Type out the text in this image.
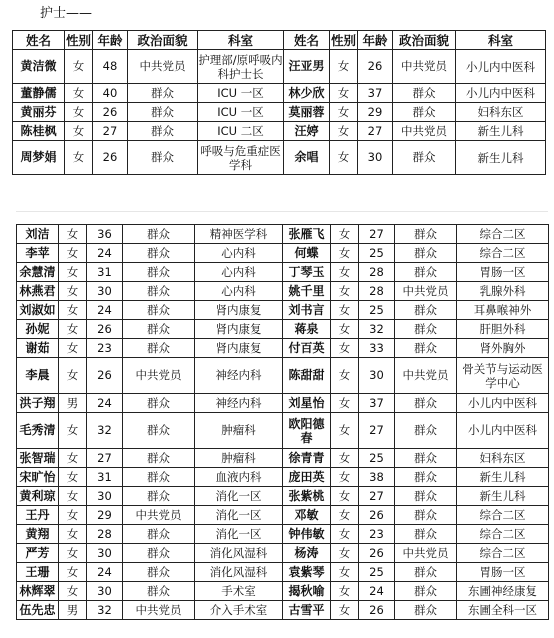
护士——
姓名	性别	年龄	政治面貌	科室	姓名	性别	年龄	政治面貌	科室
黄洁微	女	48	中共党员	护理部/原呼吸内科护士长	汪亚男	女	26	中共党员	小儿内中医科
董静儒	女	40	群众	ICU 一区	林少欣	女	37	群众	小儿内中医科
黄丽芬	女	26	群众	ICU 一区	莫丽蓉	女	29	群众	妇科东区
陈桂枫	女	27	群众	ICU 二区	汪婷	女	27	中共党员	新生儿科
周梦娟	女	26	群众	呼吸与危重症医学科	余唱	女	30	群众	新生儿科
刘洁	女	36	群众	精神医学科	张雁飞	女	27	群众	综合二区
李苹	女	24	群众	心内科	何蝶	女	25	群众	综合二区
余慧清	女	31	群众	心内科	丁琴玉	女	28	群众	胃肠一区
林燕君	女	30	群众	心内科	姚千里	女	28	中共党员	乳腺外科
刘淑如	女	24	群众	肾内康复	刘书言	女	25	群众	耳鼻喉神外
孙妮	女	26	群众	肾内康复	蒋泉	女	32	群众	肝胆外科
谢茹	女	23	群众	肾内康复	付百英	女	33	群众	肾外胸外
李晨	女	26	中共党员	神经内科	陈甜甜	女	30	中共党员	骨关节与运动医学中心
洪子翔	男	24	群众	神经内科	刘星怡	女	37	群众	小儿内中医科
毛秀清	女	32	群众	肿瘤科	欧阳德春	女	27	群众	小儿内中医科
张智瑞	女	27	群众	肿瘤科	徐青青	女	25	群众	妇科东区
宋旷怡	女	31	群众	血液内科	庞田英	女	38	群众	新生儿科
黄利琼	女	30	群众	消化一区	张紫桃	女	27	群众	新生儿科
王丹	女	29	中共党员	消化一区	邓敏	女	26	群众	综合二区
黄翔	女	28	群众	消化一区	钟伟敏	女	23	群众	综合二区
严芳	女	30	群众	消化风湿科	杨涛	女	26	中共党员	综合二区
王珊	女	24	群众	消化风湿科	袁紫琴	女	25	群众	胃肠一区
林辉翠	女	30	群众	手术室	揭秋喻	女	24	群众	东圃神经康复
伍先忠	男	32	中共党员	介入手术室	古雪平	女	26	群众	东圃全科一区
